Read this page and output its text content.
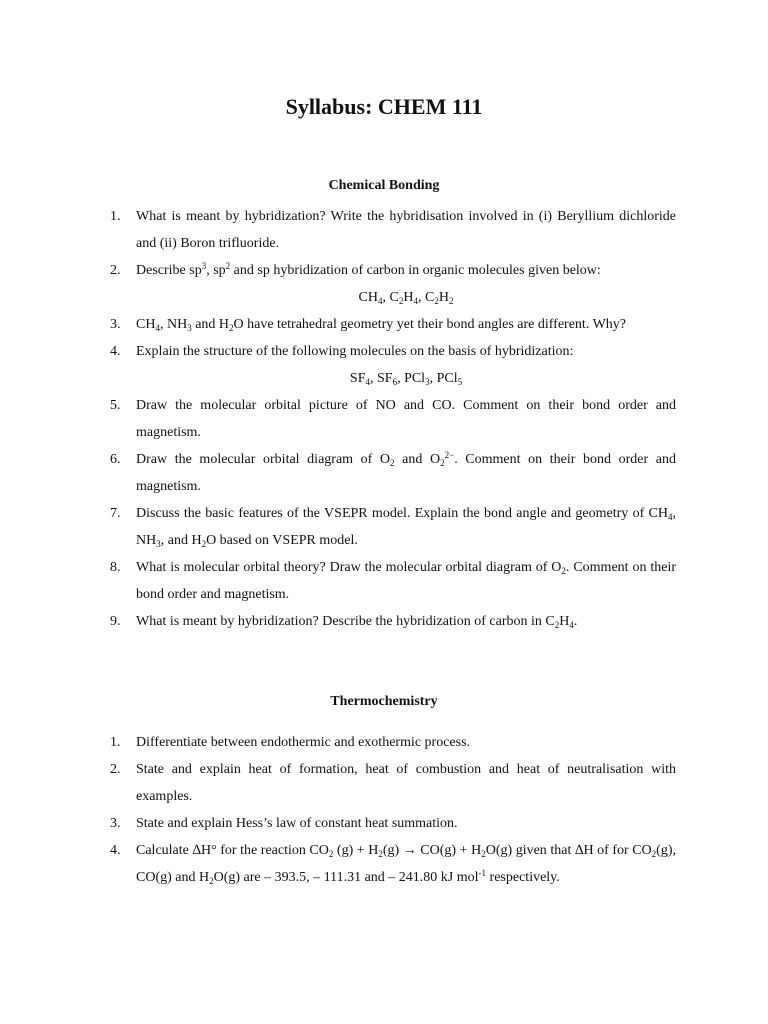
Syllabus: CHEM 111
Chemical Bonding
1.	What is meant by hybridization? Write the hybridisation involved in (i) Beryllium dichloride and (ii) Boron trifluoride.
2.	Describe $sp^3$, $sp^2$ and sp hybridization of carbon in organic molecules given below:
$CH_4$, $C_2H_4$, $C_2H_2$
3.	$CH_4$, $NH_3$ and $H_2O$ have tetrahedral geometry yet their bond angles are different. Why?
4.	Explain the structure of the following molecules on the basis of hybridization:
$SF_4$, $SF_6$, PCl$_3$, PCl$_5$
5.	Draw the molecular orbital picture of NO and CO. Comment on their bond order and magnetism.
6.	Draw the molecular orbital diagram of $O_2$ and $O_2^{2-}$. Comment on their bond order and magnetism.
7.	Discuss the basic features of the VSEPR model. Explain the bond angle and geometry of $CH_4$, $NH_3$, and $H_2O$ based on VSEPR model.
8.	What is molecular orbital theory? Draw the molecular orbital diagram of $O_2$. Comment on their bond order and magnetism.
9.	What is meant by hybridization? Describe the hybridization of carbon in $C_2H_4$.
Thermochemistry
1.	Differentiate between endothermic and exothermic process.
2.	State and explain heat of formation, heat of combustion and heat of neutralisation with examples.
3.	State and explain Hess’s law of constant heat summation.
4.	Calculate ∆H° for the reaction $CO_2$ $(g) + H_2(g) \to CO(g) + H_2O(g)$ given that ∆H of for $CO_2(g)$, CO(g) and $H_2O(g)$ are – 393.5, – 111.31 and – 241.80 kJ mol$^{-1}$ respectively.
